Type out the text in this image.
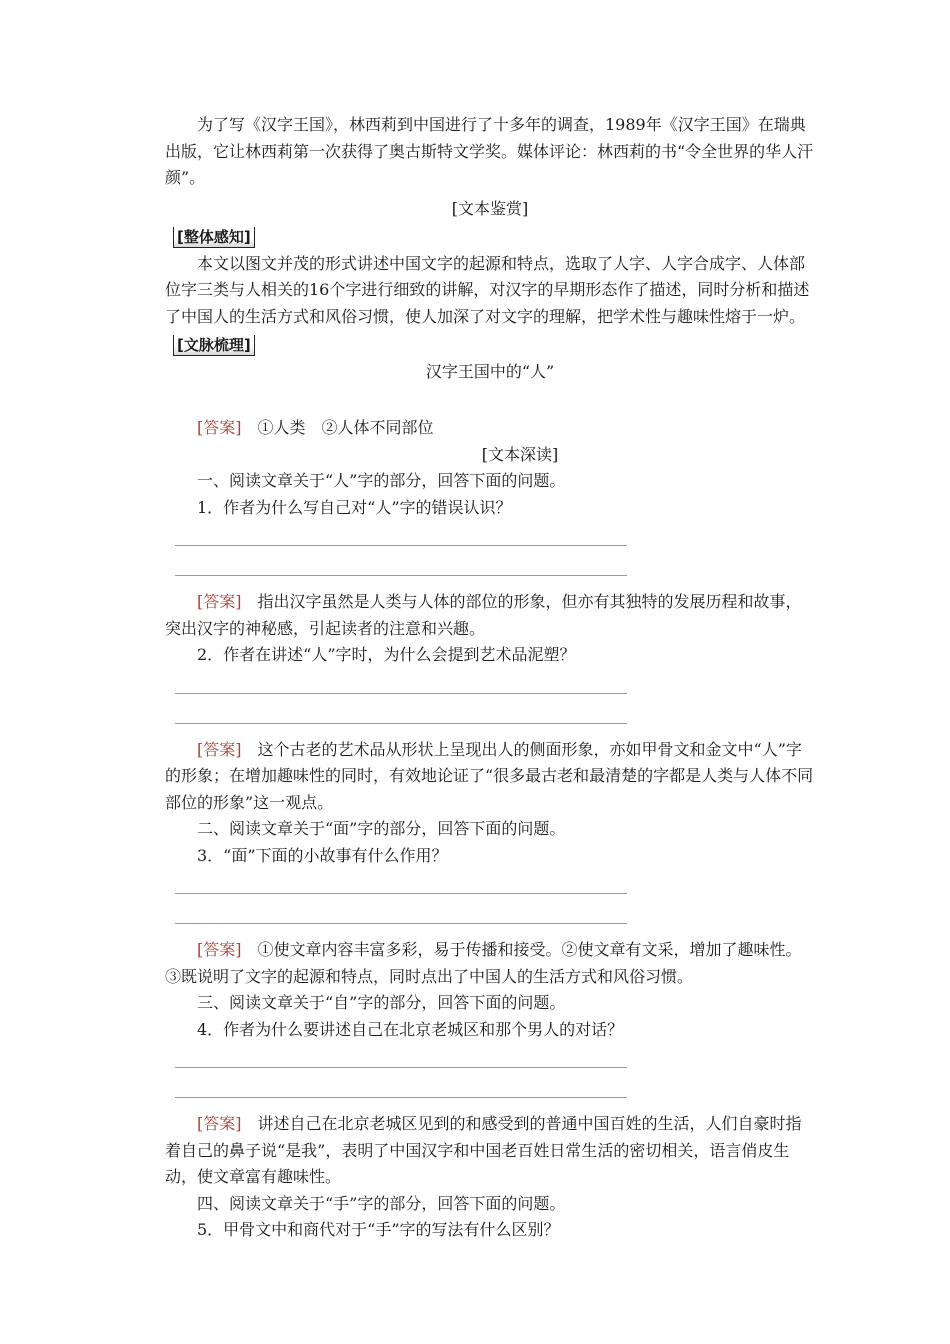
为了写《汉字王国》，林西莉到中国进行了十多年的调查，1989年《汉字王国》在瑞典出版，它让林西莉第一次获得了奥古斯特文学奖。媒体评论：林西莉的书“令全世界的华人汗颜”。

[文本鉴赏]

[整体感知]

本文以图文并茂的形式讲述中国文字的起源和特点，选取了人字、人字合成字、人体部位字三类与人相关的16个字进行细致的讲解，对汉字的早期形态作了描述，同时分析和描述了中国人的生活方式和风俗习惯，使人加深了对文字的理解，把学术性与趣味性熔于一炉。

[文脉梳理]

汉字王国中的“人”

[答案]　 ①人类　②人体不同部位

[文本深读]

一、阅读文章关于“人”字的部分，回答下面的问题。

1．作者为什么写自己对“人”字的错误认识？

[答案]　 指出汉字虽然是人类与人体的部位的形象，但亦有其独特的发展历程和故事，突出汉字的神秘感，引起读者的注意和兴趣。

2．作者在讲述“人”字时，为什么会提到艺术品泥塑？

[答案]　 这个古老的艺术品从形状上呈现出人的侧面形象，亦如甲骨文和金文中“人”字的形象；在增加趣味性的同时，有效地论证了“很多最古老和最清楚的字都是人类与人体不同部位的形象”这一观点。

二、阅读文章关于“面”字的部分，回答下面的问题。

3．“面”下面的小故事有什么作用？

[答案]　 ①使文章内容丰富多彩，易于传播和接受。②使文章有文采，增加了趣味性。③既说明了文字的起源和特点，同时点出了中国人的生活方式和风俗习惯。

三、阅读文章关于“自”字的部分，回答下面的问题。

4．作者为什么要讲述自己在北京老城区和那个男人的对话？

[答案]　 讲述自己在北京老城区见到的和感受到的普通中国百姓的生活，人们自豪时指着自己的鼻子说“是我”，表明了中国汉字和中国老百姓日常生活的密切相关，语言俏皮生动，使文章富有趣味性。

四、阅读文章关于“手”字的部分，回答下面的问题。

5．甲骨文中和商代对于“手”字的写法有什么区别？
